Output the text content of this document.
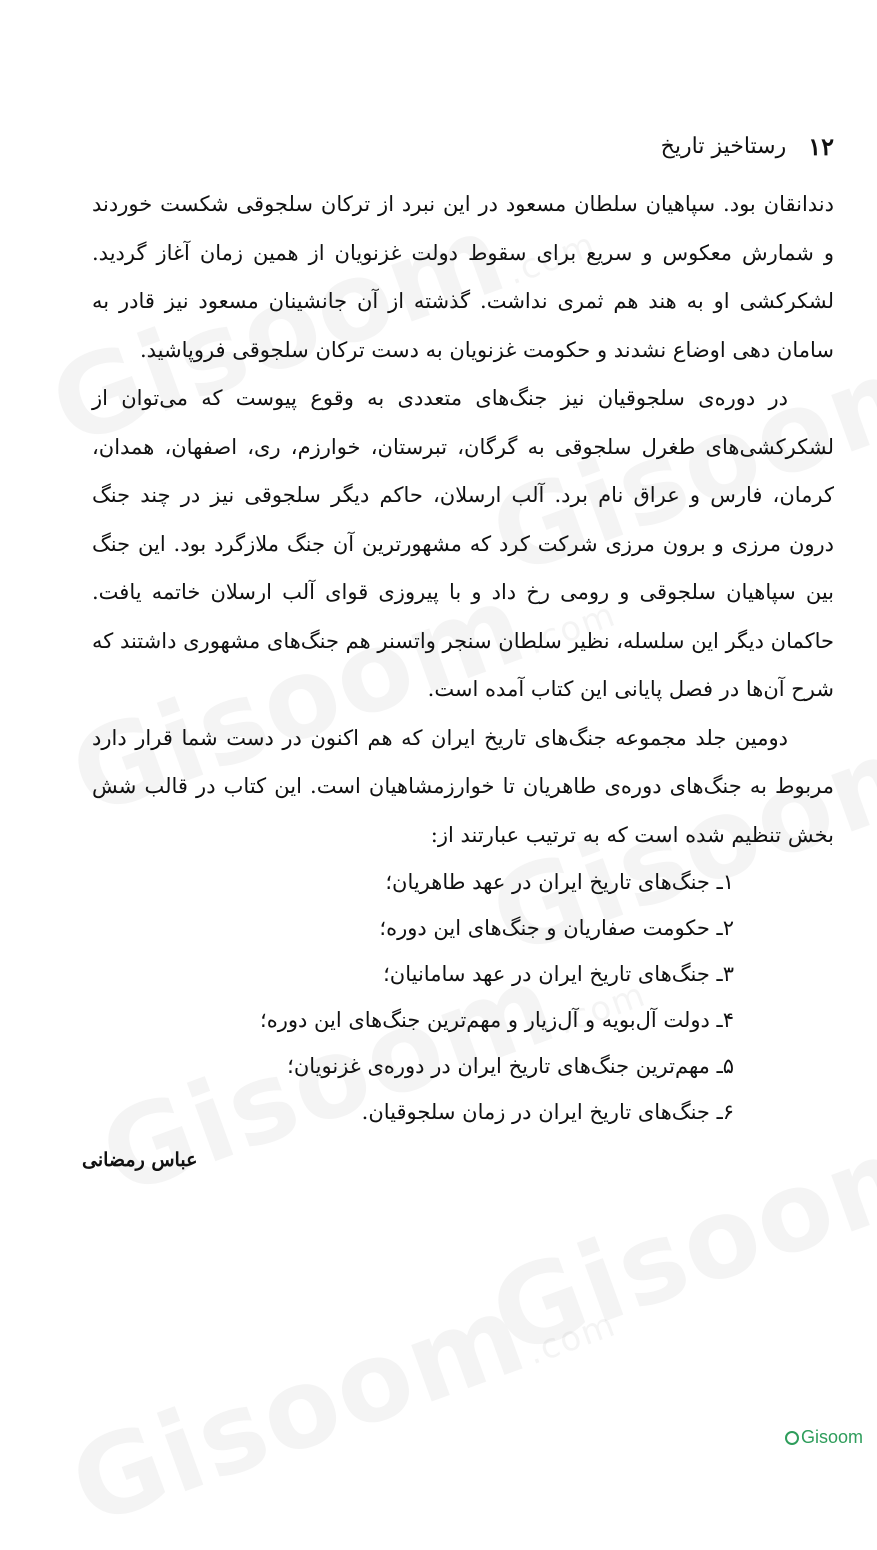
۱۲
رستاخیز تاریخ

دندانقان بود. سپاهیان سلطان مسعود در این نبرد از ترکان سلجوقی شکست خوردند و شمارش معکوس و سریع برای سقوط دولت غزنویان از همین زمان آغاز گردید. لشکرکشی او به هند هم ثمری نداشت. گذشته از آن جانشینان مسعود نیز قادر به سامان دهی اوضاع نشدند و حکومت غزنویان به دست ترکان سلجوقی فروپاشید.

در دوره‌ی سلجوقیان نیز جنگ‌های متعددی به وقوع پیوست که می‌توان از لشکرکشی‌های طغرل سلجوقی به گرگان، تبرستان، خوارزم، ری، اصفهان، همدان، کرمان، فارس و عراق نام برد. آلب ارسلان، حاکم دیگر سلجوقی نیز در چند جنگ درون مرزی و برون مرزی شرکت کرد که مشهورترین آن جنگ ملازگرد بود. این جنگ بین سپاهیان سلجوقی و رومی رخ داد و با پیروزی قوای آلب ارسلان خاتمه یافت. حاکمان دیگر این سلسله، نظیر سلطان سنجر واتسنر هم جنگ‌های مشهوری داشتند که شرح آن‌ها در فصل پایانی این کتاب آمده است.

دومین جلد مجموعه جنگ‌های تاریخ ایران که هم اکنون در دست شما قرار دارد مربوط به جنگ‌های دوره‌ی طاهریان تا خوارزمشاهیان است. این کتاب در قالب شش بخش تنظیم شده است که به ترتیب عبارتند از:

۱ـ جنگ‌های تاریخ ایران در عهد طاهریان؛
۲ـ حکومت صفاریان و جنگ‌های این دوره؛
۳ـ جنگ‌های تاریخ ایران در عهد سامانیان؛
۴ـ دولت آل‌بویه و آل‌زیار و مهم‌ترین جنگ‌های این دوره؛
۵ـ مهم‌ترین جنگ‌های تاریخ ایران در دوره‌ی غزنویان؛
۶ـ جنگ‌های تاریخ ایران در زمان سلجوقیان.
عباس رمضانی
Gisoom
